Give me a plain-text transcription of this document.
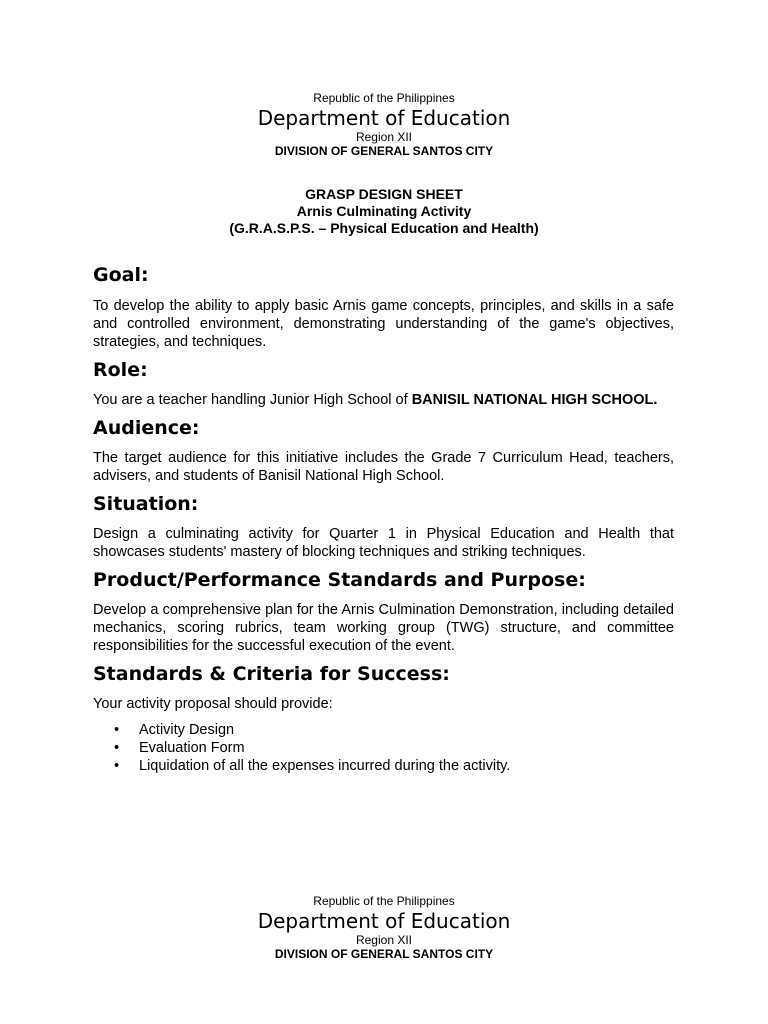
Republic of the Philippines
Department of Education
Region XII
DIVISION OF GENERAL SANTOS CITY
GRASP DESIGN SHEET
Arnis Culminating Activity
(G.R.A.S.P.S. – Physical Education and Health)
Goal:

To develop the ability to apply basic Arnis game concepts, principles, and skills in a safe and controlled environment, demonstrating understanding of the game's objectives, strategies, and techniques.

Role:

You are a teacher handling Junior High School of BANISIL NATIONAL HIGH SCHOOL.

Audience:

The target audience for this initiative includes the Grade 7 Curriculum Head, teachers, advisers, and students of Banisil National High School.

Situation:

Design a culminating activity for Quarter 1 in Physical Education and Health that showcases students' mastery of blocking techniques and striking techniques.

Product/Performance Standards and Purpose:

Develop a comprehensive plan for the Arnis Culmination Demonstration, including detailed mechanics, scoring rubrics, team working group (TWG) structure, and committee responsibilities for the successful execution of the event.

Standards & Criteria for Success:

Your activity proposal should provide:

• Activity Design
• Evaluation Form
• Liquidation of all the expenses incurred during the activity.
Republic of the Philippines
Department of Education
Region XII
DIVISION OF GENERAL SANTOS CITY
